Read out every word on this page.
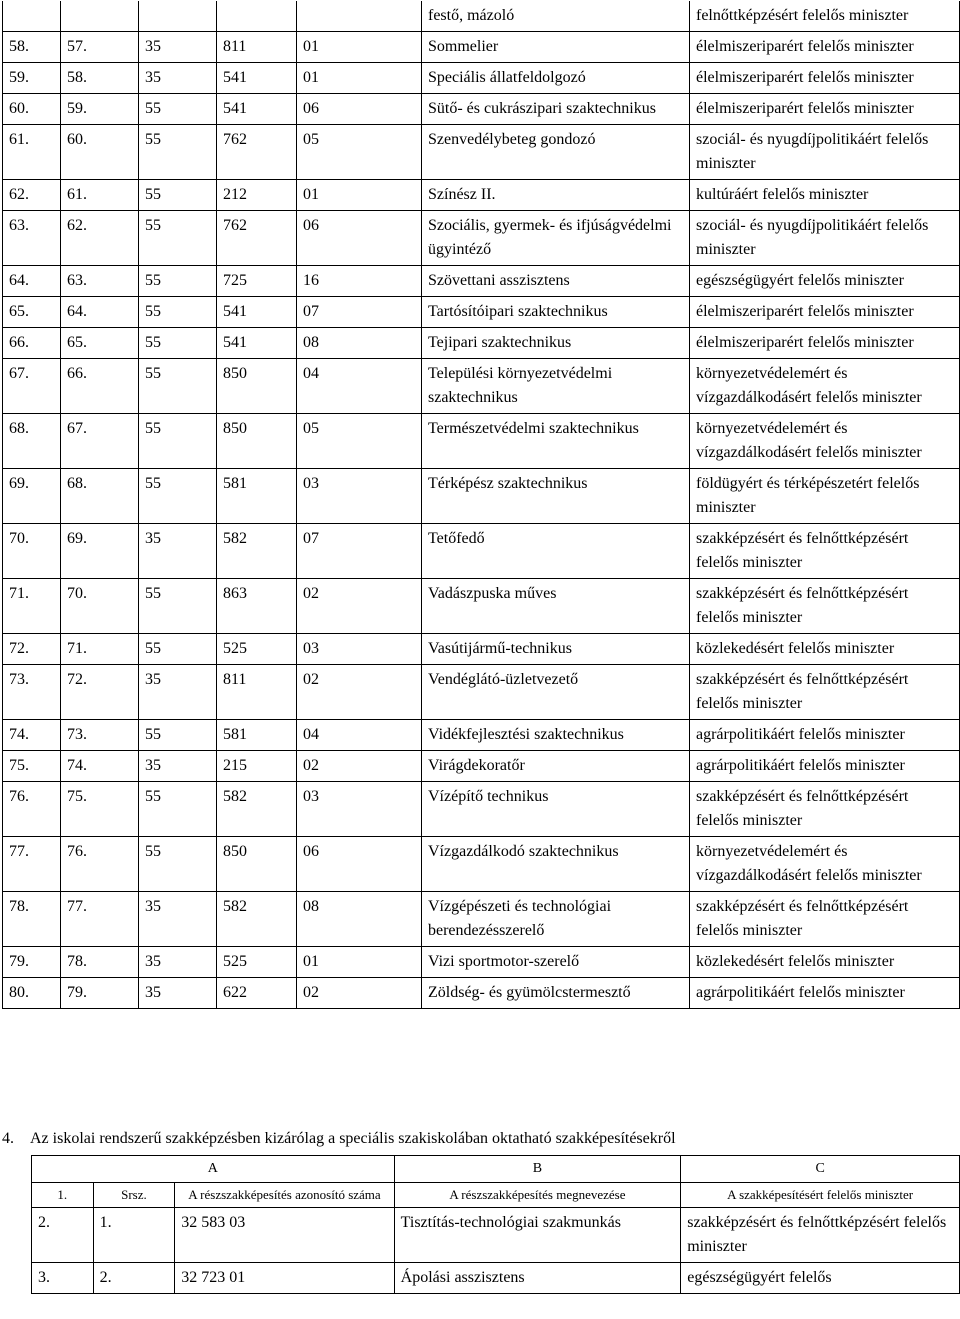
					festő, mázoló	felnőttképzésért felelős miniszter
58.	57.	35	811	01	Sommelier	élelmiszeriparért felelős miniszter
59.	58.	35	541	01	Speciális állatfeldolgozó	élelmiszeriparért felelős miniszter
60.	59.	55	541	06	Sütő- és cukrászipari szaktechnikus	élelmiszeriparért felelős miniszter
61.	60.	55	762	05	Szenvedélybeteg gondozó	szociál- és nyugdíjpolitikáért felelős miniszter
62.	61.	55	212	01	Színész II.	kultúráért felelős miniszter
63.	62.	55	762	06	Szociális, gyermek- és ifjúságvédelmi ügyintéző	szociál- és nyugdíjpolitikáért felelős miniszter
64.	63.	55	725	16	Szövettani asszisztens	egészségügyért felelős miniszter
65.	64.	55	541	07	Tartósítóipari szaktechnikus	élelmiszeriparért felelős miniszter
66.	65.	55	541	08	Tejipari szaktechnikus	élelmiszeriparért felelős miniszter
67.	66.	55	850	04	Települési környezetvédelmi szaktechnikus	környezetvédelemért és vízgazdálkodásért felelős miniszter
68.	67.	55	850	05	Természetvédelmi szaktechnikus	környezetvédelemért és vízgazdálkodásért felelős miniszter
69.	68.	55	581	03	Térképész szaktechnikus	földügyért és térképészetért felelős miniszter
70.	69.	35	582	07	Tetőfedő	szakképzésért és felnőttképzésért felelős miniszter
71.	70.	55	863	02	Vadászpuska műves	szakképzésért és felnőttképzésért felelős miniszter
72.	71.	55	525	03	Vasútijármű-technikus	közlekedésért felelős miniszter
73.	72.	35	811	02	Vendéglátó-üzletvezető	szakképzésért és felnőttképzésért felelős miniszter
74.	73.	55	581	04	Vidékfejlesztési szaktechnikus	agrárpolitikáért felelős miniszter
75.	74.	35	215	02	Virágdekoratőr	agrárpolitikáért felelős miniszter
76.	75.	55	582	03	Vízépítő technikus	szakképzésért és felnőttképzésért felelős miniszter
77.	76.	55	850	06	Vízgazdálkodó szaktechnikus	környezetvédelemért és vízgazdálkodásért felelős miniszter
78.	77.	35	582	08	Vízgépészeti és technológiai berendezésszerelő	szakképzésért és felnőttképzésért felelős miniszter
79.	78.	35	525	01	Vizi sportmotor-szerelő	közlekedésért felelős miniszter
80.	79.	35	622	02	Zöldség- és gyümölcstermesztő	agrárpolitikáért felelős miniszter
4. Az iskolai rendszerű szakképzésben kizárólag a speciális szakiskolában oktatható szakképesítésekről
A			B	C
1.	Srsz.	A részszakképesítés azonosító száma	A részszakképesítés megnevezése	A szakképesítésért felelős miniszter
2.	1.	32 583 03	Tisztítás-technológiai szakmunkás	szakképzésért és felnőttképzésért felelős miniszter
3.	2.	32 723 01	Ápolási asszisztens	egészségügyért felelős
